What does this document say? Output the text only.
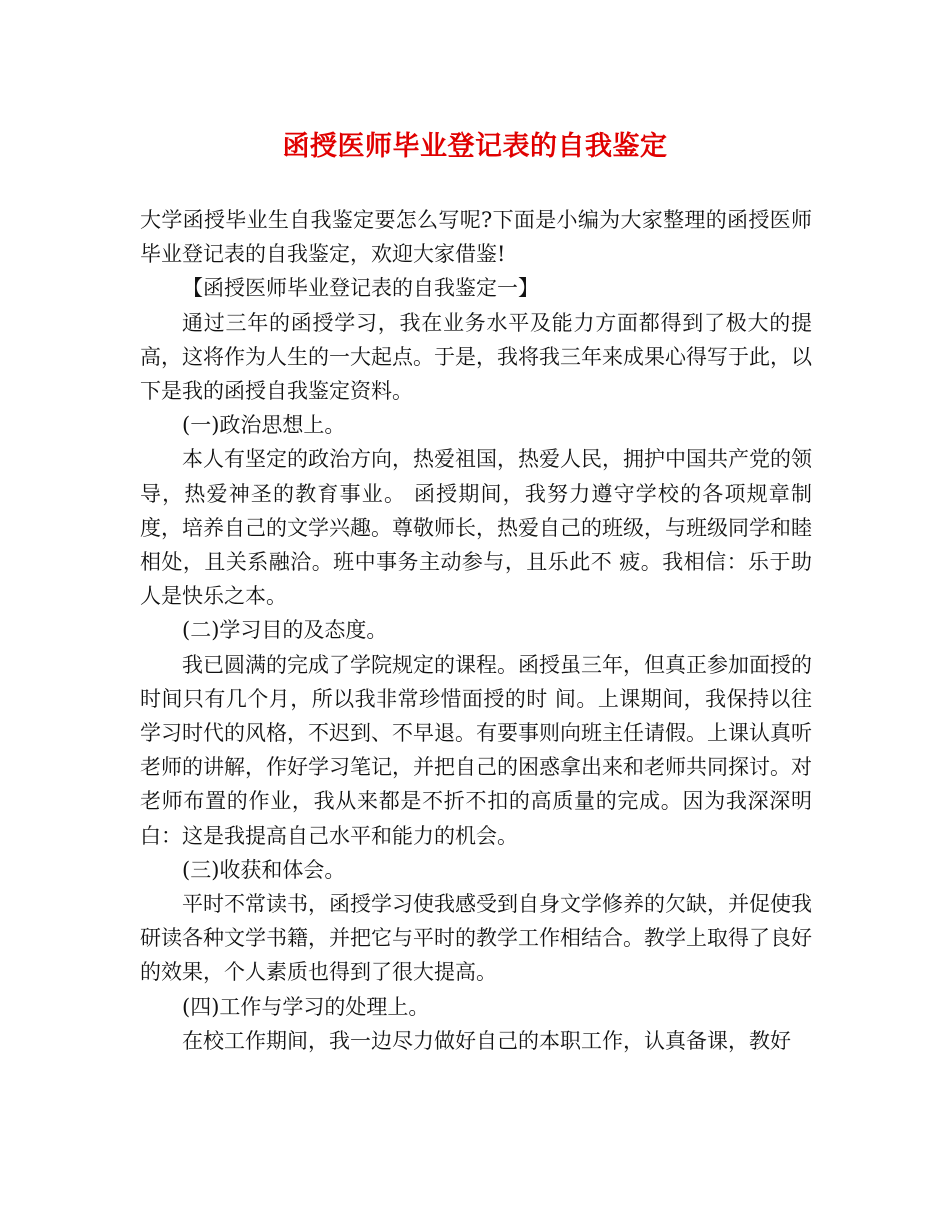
函授医师毕业登记表的自我鉴定

大学函授毕业生自我鉴定要怎么写呢?下面是小编为大家整理的函授医师毕业登记表的自我鉴定，欢迎大家借鉴!

【函授医师毕业登记表的自我鉴定一】

通过三年的函授学习，我在业务水平及能力方面都得到了极大的提高，这将作为人生的一大起点。于是，我将我三年来成果心得写于此，以下是我的函授自我鉴定资料。

(一)政治思想上。

本人有坚定的政治方向，热爱祖国，热爱人民，拥护中国共产党的领导，热爱神圣的教育事业。 函授期间，我努力遵守学校的各项规章制度，培养自己的文学兴趣。尊敬师长，热爱自己的班级，与班级同学和睦相处，且关系融洽。班中事务主动参与，且乐此不 疲。我相信：乐于助人是快乐之本。

(二)学习目的及态度。

我已圆满的完成了学院规定的课程。函授虽三年，但真正参加面授的时间只有几个月，所以我非常珍惜面授的时 间。上课期间，我保持以往学习时代的风格，不迟到、不早退。有要事则向班主任请假。上课认真听老师的讲解，作好学习笔记，并把自己的困惑拿出来和老师共同探讨。对老师布置的作业，我从来都是不折不扣的高质量的完成。因为我深深明白：这是我提高自己水平和能力的机会。

(三)收获和体会。

平时不常读书，函授学习使我感受到自身文学修养的欠缺，并促使我研读各种文学书籍，并把它与平时的教学工作相结合。教学上取得了良好的效果，个人素质也得到了很大提高。

(四)工作与学习的处理上。

在校工作期间，我一边尽力做好自己的本职工作，认真备课，教好
